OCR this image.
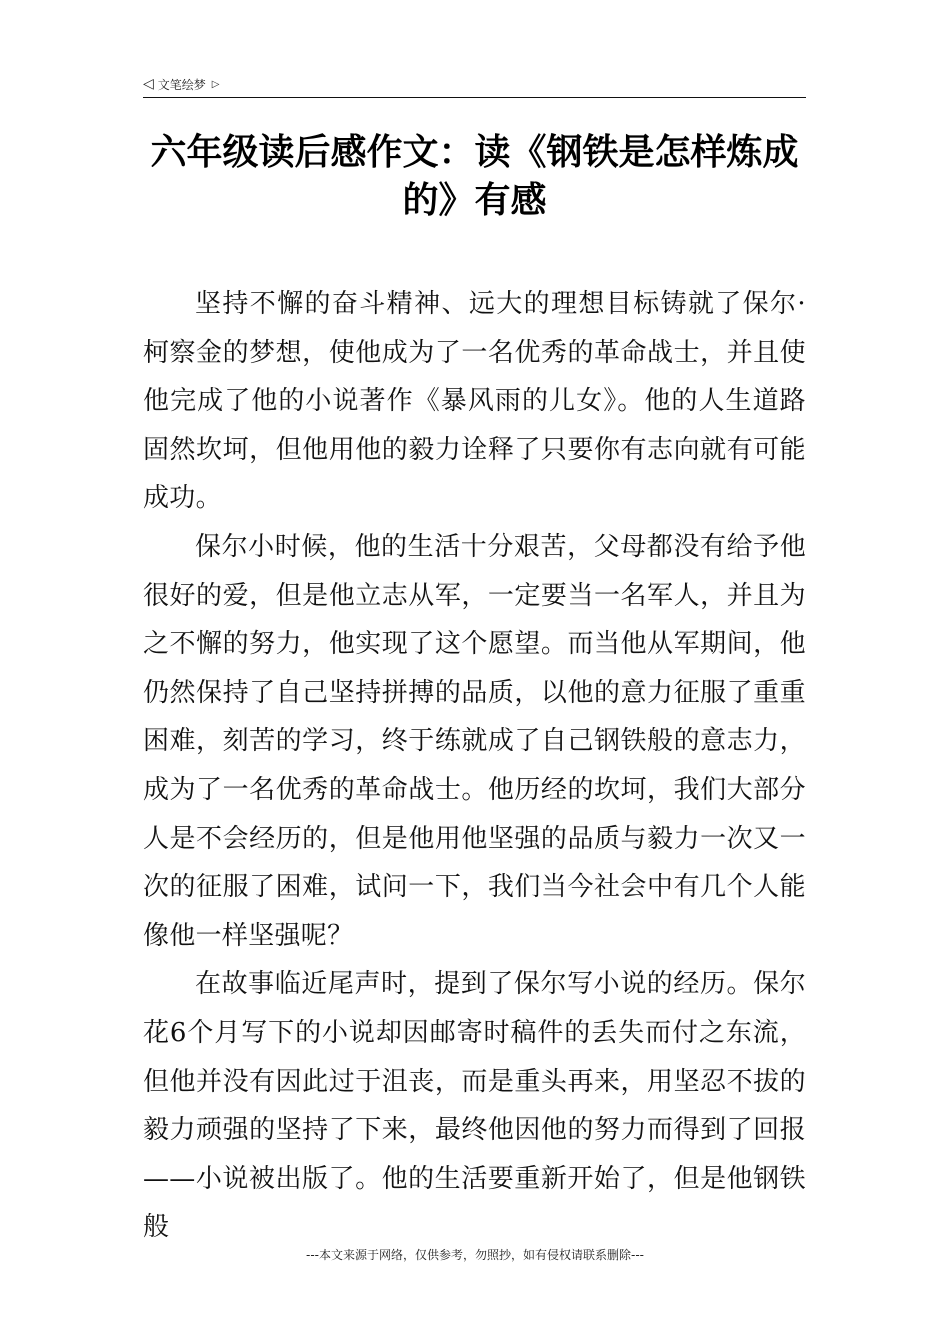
◁ 文笔绘梦 ▷
六年级读后感作文：读《钢铁是怎样炼成的》有感

坚持不懈的奋斗精神、远大的理想目标铸就了保尔·柯察金的梦想，使他成为了一名优秀的革命战士，并且使他完成了他的小说著作《暴风雨的儿女》。他的人生道路固然坎坷，但他用他的毅力诠释了只要你有志向就有可能成功。

保尔小时候，他的生活十分艰苦，父母都没有给予他很好的爱，但是他立志从军，一定要当一名军人，并且为之不懈的努力，他实现了这个愿望。而当他从军期间，他仍然保持了自己坚持拼搏的品质，以他的意力征服了重重困难，刻苦的学习，终于练就成了自己钢铁般的意志力，成为了一名优秀的革命战士。他历经的坎坷，我们大部分人是不会经历的，但是他用他坚强的品质与毅力一次又一次的征服了困难，试问一下，我们当今社会中有几个人能像他一样坚强呢？

在故事临近尾声时，提到了保尔写小说的经历。保尔花6个月写下的小说却因邮寄时稿件的丢失而付之东流，但他并没有因此过于沮丧，而是重头再来，用坚忍不拔的毅力顽强的坚持了下来，最终他因他的努力而得到了回报——小说被出版了。他的生活要重新开始了，但是他钢铁般

---本文来源于网络，仅供参考，勿照抄，如有侵权请联系删除---
